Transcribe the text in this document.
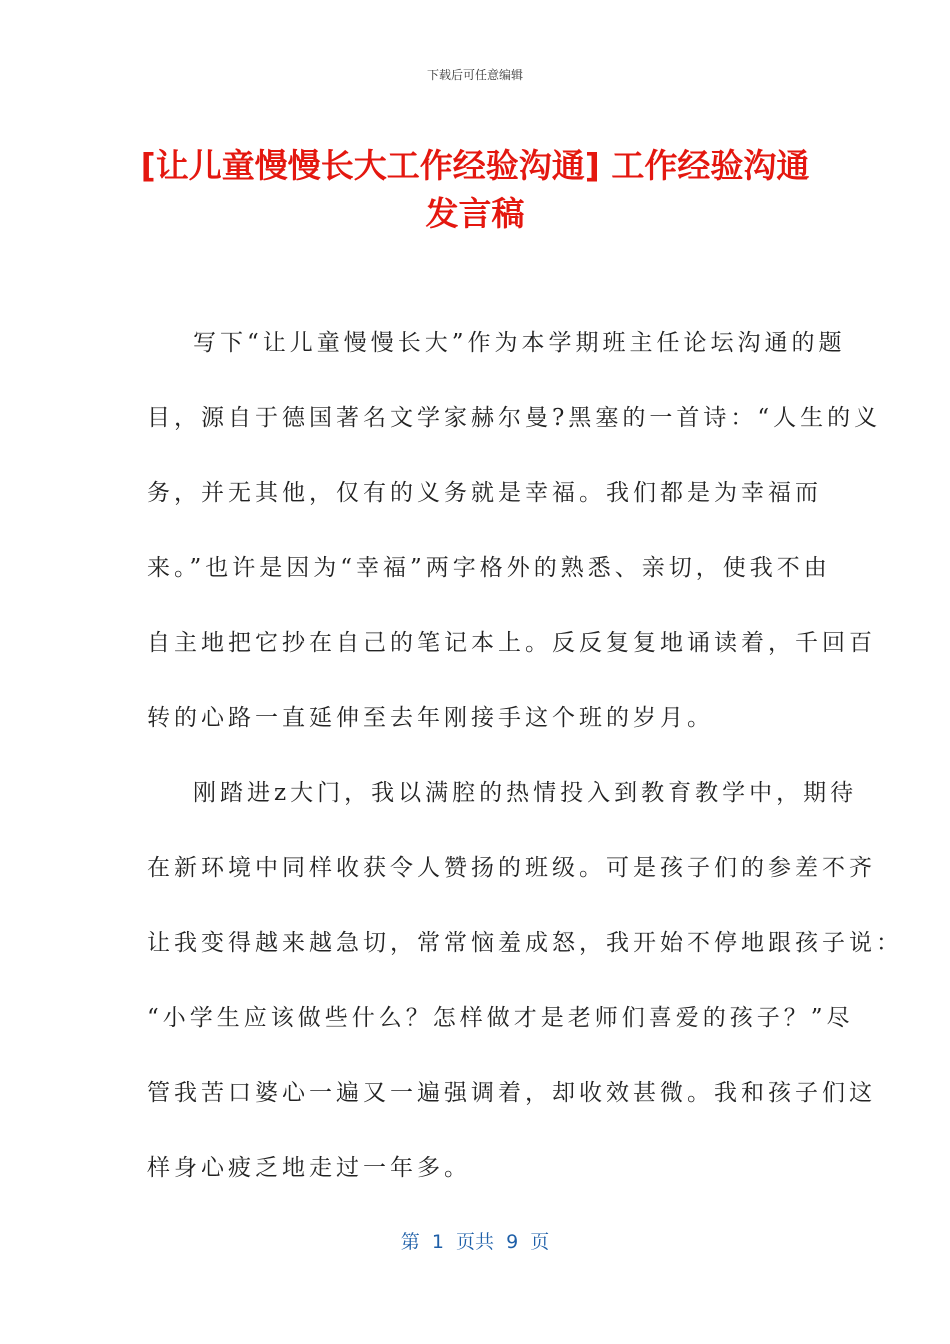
下载后可任意编辑
[让儿童慢慢长大工作经验沟通] 工作经验沟通发言稿
写下“让儿童慢慢长大”作为本学期班主任论坛沟通的题
目，源自于德国著名文学家赫尔曼?黑塞的一首诗：“人生的义
务，并无其他，仅有的义务就是幸福。我们都是为幸福而
来。”也许是因为“幸福”两字格外的熟悉、亲切，使我不由
自主地把它抄在自己的笔记本上。反反复复地诵读着，千回百
转的心路一直延伸至去年刚接手这个班的岁月。
刚踏进z大门，我以满腔的热情投入到教育教学中，期待
在新环境中同样收获令人赞扬的班级。可是孩子们的参差不齐
让我变得越来越急切，常常恼羞成怒，我开始不停地跟孩子说：
“小学生应该做些什么？怎样做才是老师们喜爱的孩子？”尽
管我苦口婆心一遍又一遍强调着，却收效甚微。我和孩子们这
样身心疲乏地走过一年多。
第  1  页共  9  页
